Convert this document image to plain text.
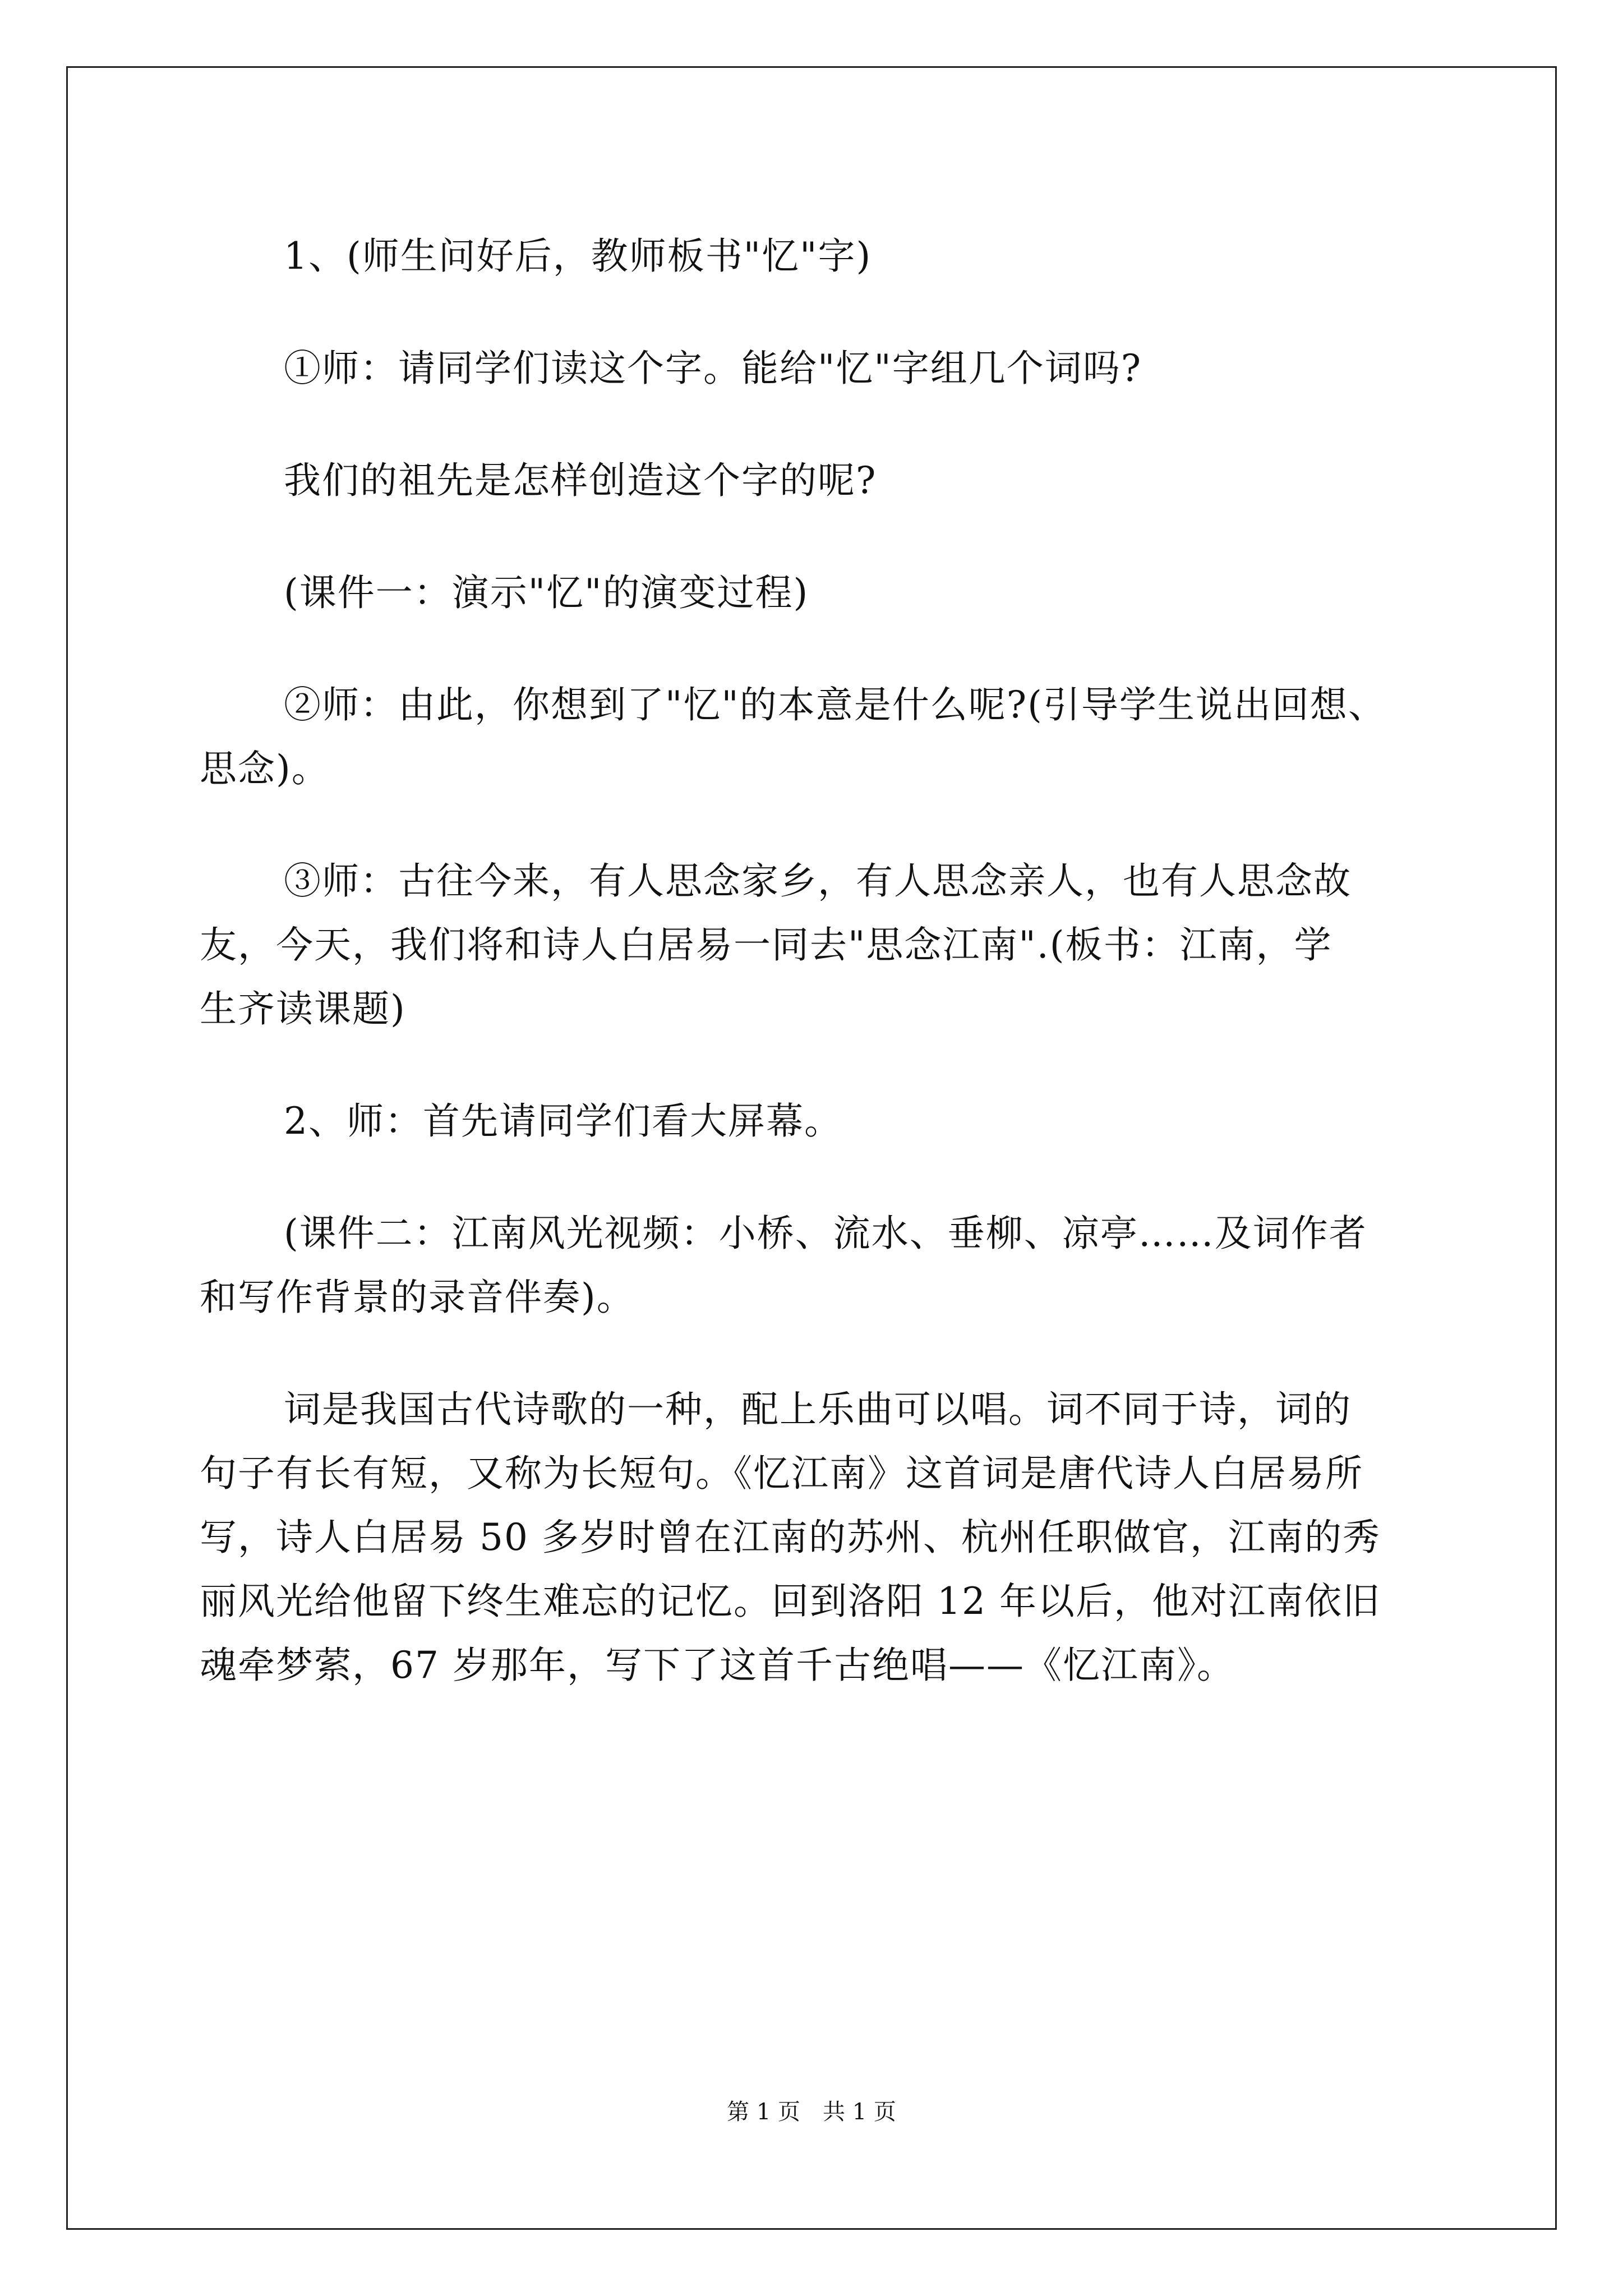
1、(师生问好后，教师板书"忆"字)
①师：请同学们读这个字。能给"忆"字组几个词吗?
我们的祖先是怎样创造这个字的呢?
(课件一：演示"忆"的演变过程)
②师：由此，你想到了"忆"的本意是什么呢?(引导学生说出回想、
思念)。
③师：古往今来，有人思念家乡，有人思念亲人，也有人思念故
友，今天，我们将和诗人白居易一同去"思念江南".(板书：江南，学
生齐读课题)
2、师：首先请同学们看大屏幕。
(课件二：江南风光视频：小桥、流水、垂柳、凉亭……及词作者
和写作背景的录音伴奏)。
词是我国古代诗歌的一种，配上乐曲可以唱。词不同于诗，词的
句子有长有短，又称为长短句。《忆江南》这首词是唐代诗人白居易所
写，诗人白居易 50 多岁时曾在江南的苏州、杭州任职做官，江南的秀
丽风光给他留下终生难忘的记忆。回到洛阳 12 年以后，他对江南依旧
魂牵梦萦，67 岁那年，写下了这首千古绝唱——《忆江南》。
第 1 页　共 1 页
